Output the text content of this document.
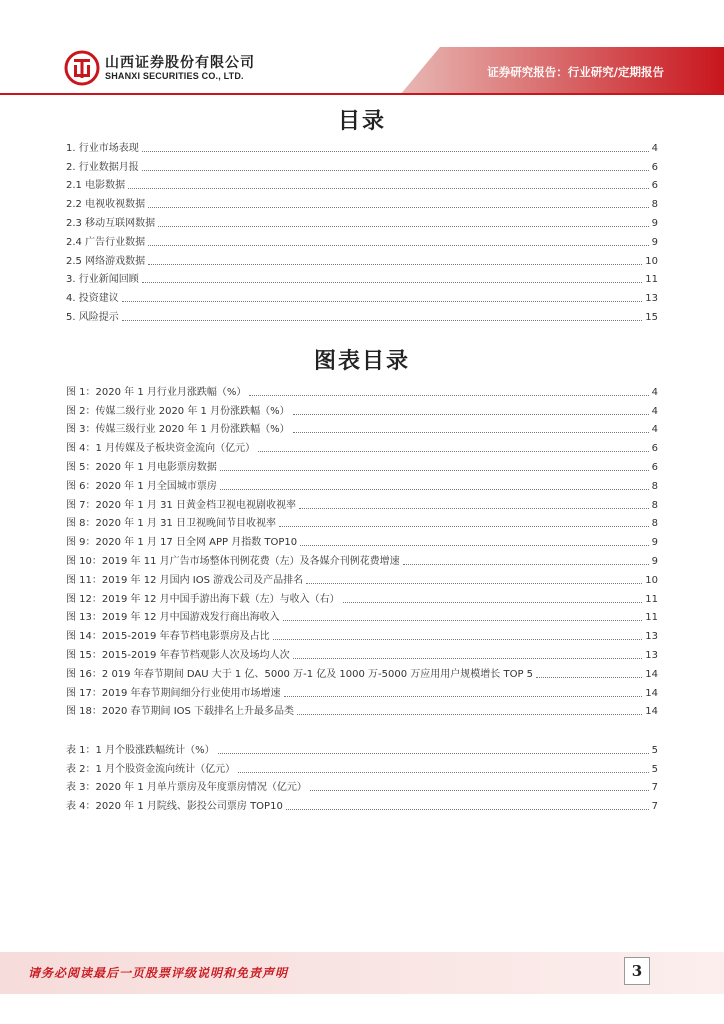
山西证券股份有限公司
SHANXI SECURITIES CO., LTD.	证券研究报告：行业研究/定期报告
目录
1. 行业市场表现	4
2. 行业数据月报	6
2.1 电影数据	6
2.2 电视收视数据	8
2.3 移动互联网数据	9
2.4 广告行业数据	9
2.5 网络游戏数据	10
3. 行业新闻回顾	11
4. 投资建议	13
5. 风险提示	15
图表目录
图 1：2020 年 1 月行业月涨跌幅（%）	4
图 2：传媒二级行业 2020 年 1 月份涨跌幅（%）	4
图 3：传媒三级行业 2020 年 1 月份涨跌幅（%）	4
图 4：1 月传媒及子板块资金流向（亿元）	6
图 5：2020 年 1 月电影票房数据	6
图 6：2020 年 1 月全国城市票房	8
图 7：2020 年 1 月 31 日黄金档卫视电视剧收视率	8
图 8：2020 年 1 月 31 日卫视晚间节目收视率	8
图 9：2020 年 1 月 17 日全网 APP 月指数 TOP10	9
图 10：2019 年 11 月广告市场整体刊例花费（左）及各媒介刊例花费增速	9
图 11：2019 年 12 月国内 IOS 游戏公司及产品排名	10
图 12：2019 年 12 月中国手游出海下载（左）与收入（右）	11
图 13：2019 年 12 月中国游戏发行商出海收入	11
图 14：2015-2019 年春节档电影票房及占比	13
图 15：2015-2019 年春节档观影人次及场均人次	13
图 16：2 019 年春节期间 DAU 大于 1 亿、5000 万-1 亿及 1000 万-5000 万应用用户规模增长 TOP 5	14
图 17：2019 年春节期间细分行业使用市场增速	14
图 18：2020 春节期间 IOS 下载排名上升最多品类	14
表 1：1 月个股涨跌幅统计（%）	5
表 2：1 月个股资金流向统计（亿元）	5
表 3：2020 年 1 月单片票房及年度票房情况（亿元）	7
表 4：2020 年 1 月院线、影投公司票房 TOP10	7
请务必阅读最后一页股票评级说明和免责声明	3
